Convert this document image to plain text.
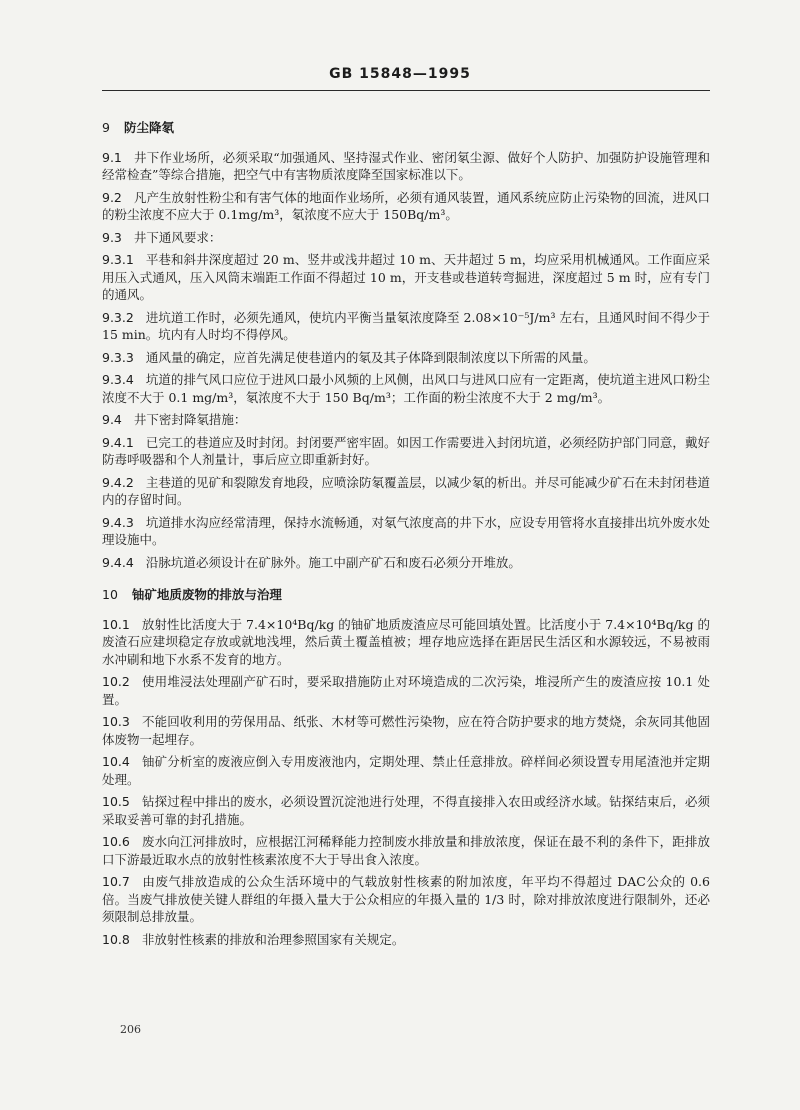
GB 15848—1995
9 防尘降氡
9.1 井下作业场所，必须采取“加强通风、坚持湿式作业、密闭氡尘源、做好个人防护、加强防护设施管理和经常检查”等综合措施，把空气中有害物质浓度降至国家标准以下。
9.2 凡产生放射性粉尘和有害气体的地面作业场所，必须有通风装置，通风系统应防止污染物的回流，进风口的粉尘浓度不应大于 0.1mg/m³，氡浓度不应大于 150Bq/m³。
9.3 井下通风要求：
9.3.1 平巷和斜井深度超过 20 m、竖井或浅井超过 10 m、天井超过 5 m，均应采用机械通风。工作面应采用压入式通风，压入风筒末端距工作面不得超过 10 m，开支巷或巷道转弯掘进，深度超过 5 m 时，应有专门的通风。
9.3.2 进坑道工作时，必须先通风，使坑内平衡当量氡浓度降至 2.08×10⁻⁵J/m³ 左右，且通风时间不得少于 15 min。坑内有人时均不得停风。
9.3.3 通风量的确定，应首先满足使巷道内的氡及其子体降到限制浓度以下所需的风量。
9.3.4 坑道的排气风口应位于进风口最小风频的上风侧，出风口与进风口应有一定距离，使坑道主进风口粉尘浓度不大于 0.1 mg/m³，氡浓度不大于 150 Bq/m³；工作面的粉尘浓度不大于 2 mg/m³。
9.4 井下密封降氡措施：
9.4.1 已完工的巷道应及时封闭。封闭要严密牢固。如因工作需要进入封闭坑道，必须经防护部门同意，戴好防毒呼吸器和个人剂量计，事后应立即重新封好。
9.4.2 主巷道的见矿和裂隙发育地段，应喷涂防氡覆盖层，以减少氡的析出。并尽可能减少矿石在未封闭巷道内的存留时间。
9.4.3 坑道排水沟应经常清理，保持水流畅通，对氡气浓度高的井下水，应设专用管将水直接排出坑外废水处理设施中。
9.4.4 沿脉坑道必须设计在矿脉外。施工中副产矿石和废石必须分开堆放。
10 铀矿地质废物的排放与治理
10.1 放射性比活度大于 7.4×10⁴Bq/kg 的铀矿地质废渣应尽可能回填处置。比活度小于 7.4×10⁴Bq/kg 的废渣石应建坝稳定存放或就地浅埋，然后黄土覆盖植被；埋存地应选择在距居民生活区和水源较远，不易被雨水冲刷和地下水系不发育的地方。
10.2 使用堆浸法处理副产矿石时，要采取措施防止对环境造成的二次污染，堆浸所产生的废渣应按 10.1 处置。
10.3 不能回收利用的劳保用品、纸张、木材等可燃性污染物，应在符合防护要求的地方焚烧，余灰同其他固体废物一起埋存。
10.4 铀矿分析室的废液应倒入专用废液池内，定期处理、禁止任意排放。碎样间必须设置专用尾渣池并定期处理。
10.5 钻探过程中排出的废水，必须设置沉淀池进行处理，不得直接排入农田或经济水域。钻探结束后，必须采取妥善可靠的封孔措施。
10.6 废水向江河排放时，应根据江河稀释能力控制废水排放量和排放浓度，保证在最不利的条件下，距排放口下游最近取水点的放射性核素浓度不大于导出食入浓度。
10.7 由废气排放造成的公众生活环境中的气载放射性核素的附加浓度，年平均不得超过 DAC公众的 0.6 倍。当废气排放使关键人群组的年摄入量大于公众相应的年摄入量的 1/3 时，除对排放浓度进行限制外，还必须限制总排放量。
10.8 非放射性核素的排放和治理参照国家有关规定。
206
